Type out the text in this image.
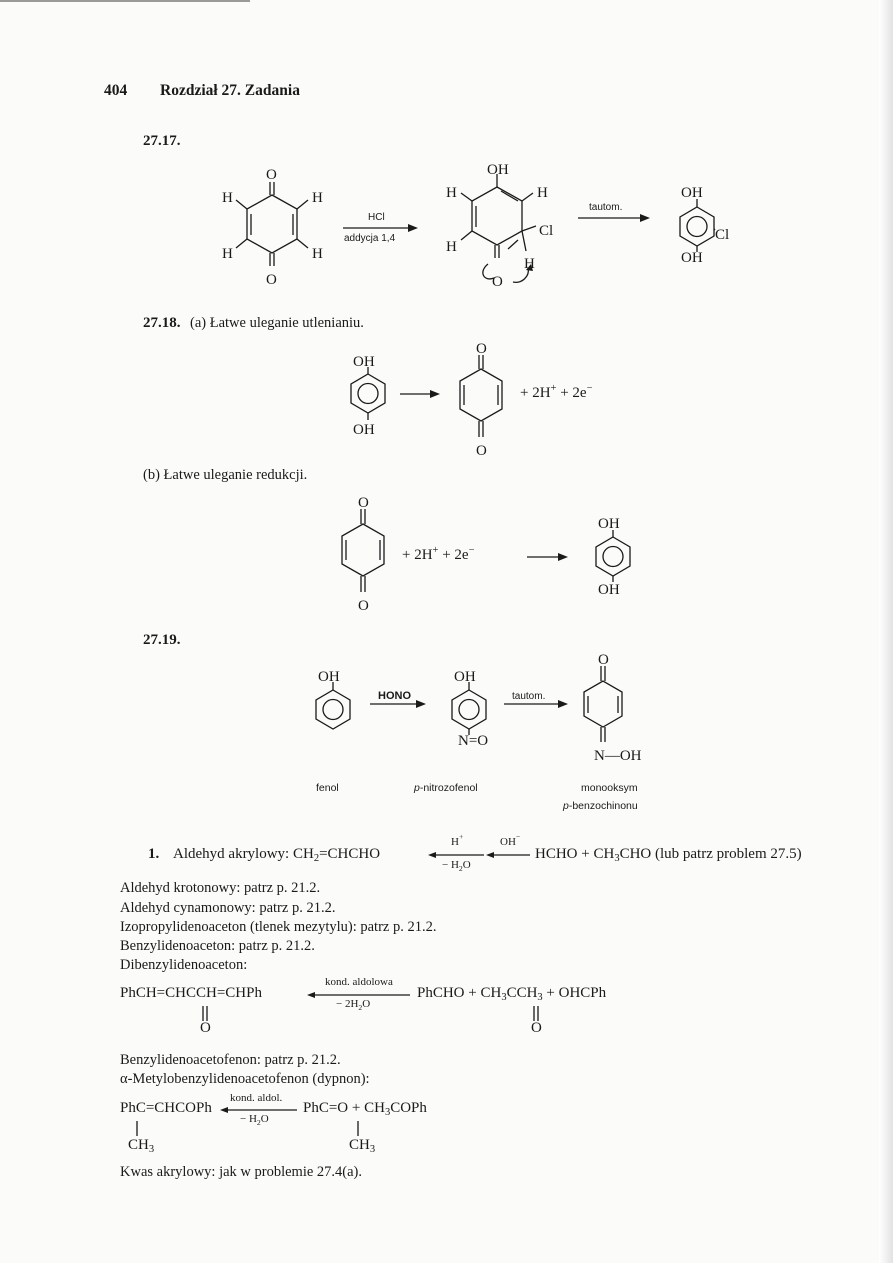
404 Rozdział 27. Zadania
27.17.
O
O
H	H
H	H
HCl
addycja 1,4
OH
O
H	H
H
Cl
H
tautom.
OH
OH
Cl
27.18. (a) Łatwe uleganie utlenianiu.
OH
OH
O
O
+ 2H+ + 2e−
(b) Łatwe uleganie redukcji.
O
O
OH
OH
+ 2H+ + 2e−
27.19.
OH
HONO
OH
N=O
tautom.
O
N—OH
fenol	p-nitrozofenol	monooksym
p-benzochinonu
1. Aldehyd akrylowy: $CH_2=CHCHO$
H+
− $H_2O$
OH−
HCHO + $CH_3CHO$ (lub patrz problem 27.5)
Aldehyd krotonowy: patrz p. 21.2.
Aldehyd cynamonowy: patrz p. 21.2.
Izopropylidenoaceton (tlenek mezytylu): patrz p. 21.2.
Benzylidenoaceton: patrz p. 21.2.
Dibenzylidenoaceton:
PhCH=CHCCH=CHPh
kond. aldolowa
− $2H_2O$
PhCHO + $CH_3CCH_3$ + OHCPh
O	O
Benzylidenoacetofenon: patrz p. 21.2.
α-Metylobenzylidenoacetofenon (dypnon):
PhC=CHCOPh
kond. aldol.
− $H_2O$
$PhC=O + CH_3COPh$
$CH_3$	$CH_3$
Kwas akrylowy: jak w problemie 27.4(a).
